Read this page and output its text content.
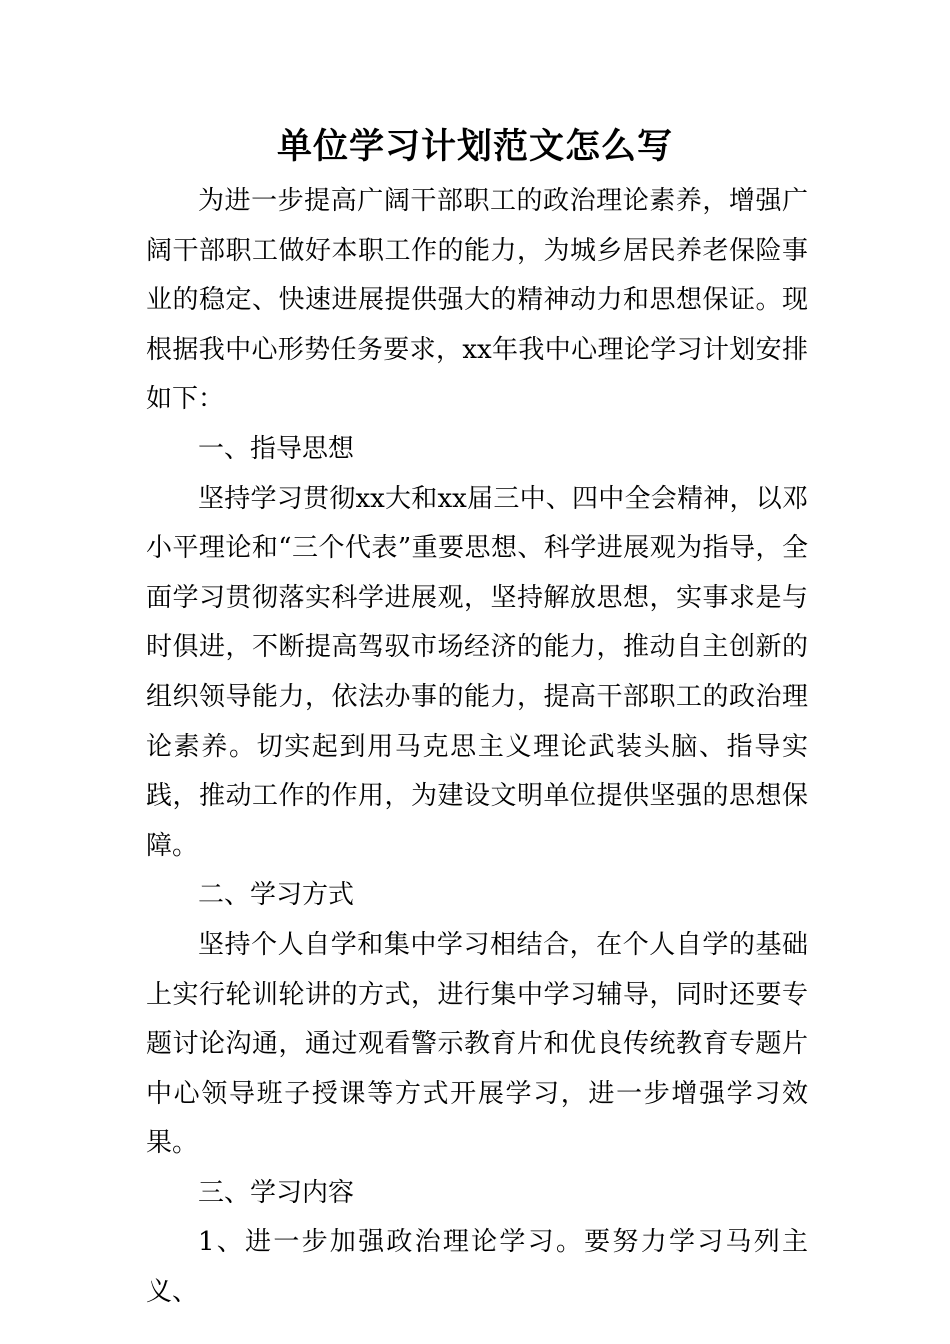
单位学习计划范文怎么写

为进一步提高广阔干部职工的政治理论素养，增强广阔干部职工做好本职工作的能力，为城乡居民养老保险事业的稳定、快速进展提供强大的精神动力和思想保证。现根据我中心形势任务要求，xx年我中心理论学习计划安排如下：

一、指导思想

坚持学习贯彻xx大和xx届三中、四中全会精神，以邓小平理论和“三个代表”重要思想、科学进展观为指导，全面学习贯彻落实科学进展观，坚持解放思想，实事求是与时俱进，不断提高驾驭市场经济的能力，推动自主创新的组织领导能力，依法办事的能力，提高干部职工的政治理论素养。切实起到用马克思主义理论武装头脑、指导实践，推动工作的作用，为建设文明单位提供坚强的思想保障。

二、学习方式

坚持个人自学和集中学习相结合，在个人自学的基础上实行轮训轮讲的方式，进行集中学习辅导，同时还要专题讨论沟通，通过观看警示教育片和优良传统教育专题片中心领导班子授课等方式开展学习，进一步增强学习效果。

三、学习内容

1、进一步加强政治理论学习。要努力学习马列主义、
